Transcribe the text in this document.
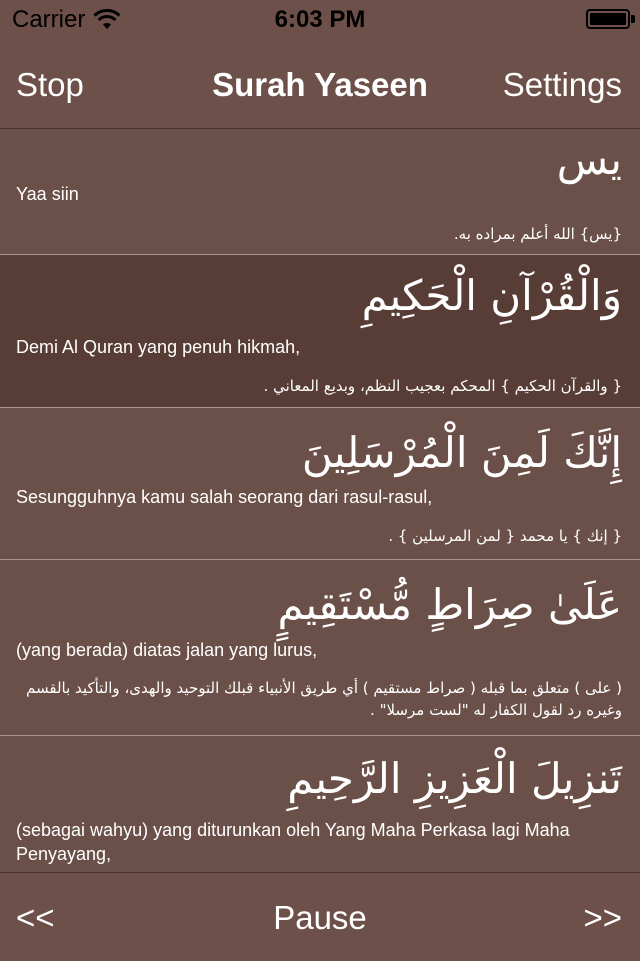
Carrier	6:03 PM
Stop	Surah Yaseen	Settings
يس
Yaa siin
{يس} الله أعلم بمراده به.
وَالْقُرْآنِ الْحَكِيمِ
Demi Al Quran yang penuh hikmah,
{ والقرآن الحكيم } المحكم بعجيب النظم، وبديع المعاني .
إِنَّكَ لَمِنَ الْمُرْسَلِينَ
Sesungguhnya kamu salah seorang dari rasul-rasul,
{ إنك } يا محمد { لمن المرسلين } .
عَلَىٰ صِرَاطٍ مُّسْتَقِيمٍ
(yang berada) diatas jalan yang lurus,
( على ) متعلق بما قبله ( صراط مستقيم ) أي طريق الأنبياء قبلك التوحيد والهدى، والتأكيد بالقسم وغيره رد لقول الكفار له "لست مرسلا" .
تَنزِيلَ الْعَزِيزِ الرَّحِيمِ
(sebagai wahyu) yang diturunkan oleh Yang Maha Perkasa lagi Maha Penyayang,
<<	Pause	>>
